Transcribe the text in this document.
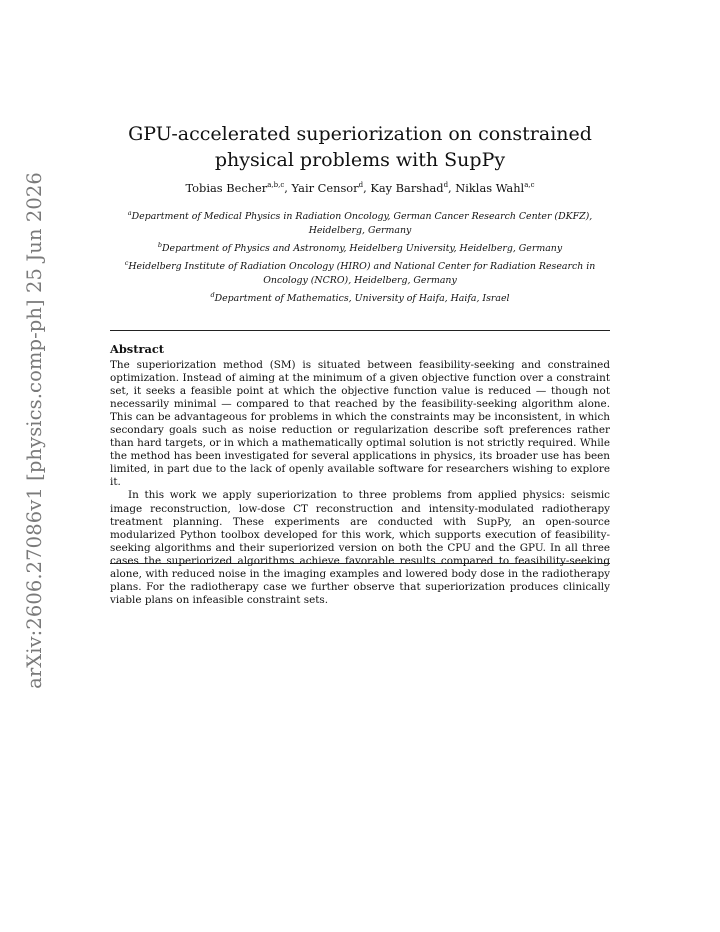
arXiv:2606.27086v1 [physics.comp-ph] 25 Jun 2026
GPU-accelerated superiorization on constrained physical problems with SupPy
Tobias Becher$^{a,b,c}$, Yair Censor$^d$, Kay Barshad$^d$, Niklas Wahl$^{a,c}$
$^a$Department of Medical Physics in Radiation Oncology, German Cancer Research Center (DKFZ), Heidelberg, Germany
$^b$Department of Physics and Astronomy, Heidelberg University, Heidelberg, Germany
$^c$Heidelberg Institute of Radiation Oncology (HIRO) and National Center for Radiation Research in Oncology (NCRO), Heidelberg, Germany
$^d$Department of Mathematics, University of Haifa, Haifa, Israel
Abstract

The superiorization method (SM) is situated between feasibility-seeking and constrained optimization. Instead of aiming at the minimum of a given objective function over a constraint set, it seeks a feasible point at which the objective function value is reduced — though not necessarily minimal — compared to that reached by the feasibility-seeking algorithm alone. This can be advantageous for problems in which the constraints may be inconsistent, in which secondary goals such as noise reduction or regularization describe soft preferences rather than hard targets, or in which a mathematically optimal solution is not strictly required. While the method has been investigated for several applications in physics, its broader use has been limited, in part due to the lack of openly available software for researchers wishing to explore it.

In this work we apply superiorization to three problems from applied physics: seismic image reconstruction, low-dose CT reconstruction and intensity-modulated radiotherapy treatment planning. These experiments are conducted with SupPy, an open-source modularized Python toolbox developed for this work, which supports execution of feasibility-seeking algorithms and their superiorized version on both the CPU and the GPU. In all three cases the superiorized algorithms achieve favorable results compared to feasibility-seeking alone, with reduced noise in the imaging examples and lowered body dose in the radiotherapy plans. For the radiotherapy case we further observe that superiorization produces clinically viable plans on infeasible constraint sets.
